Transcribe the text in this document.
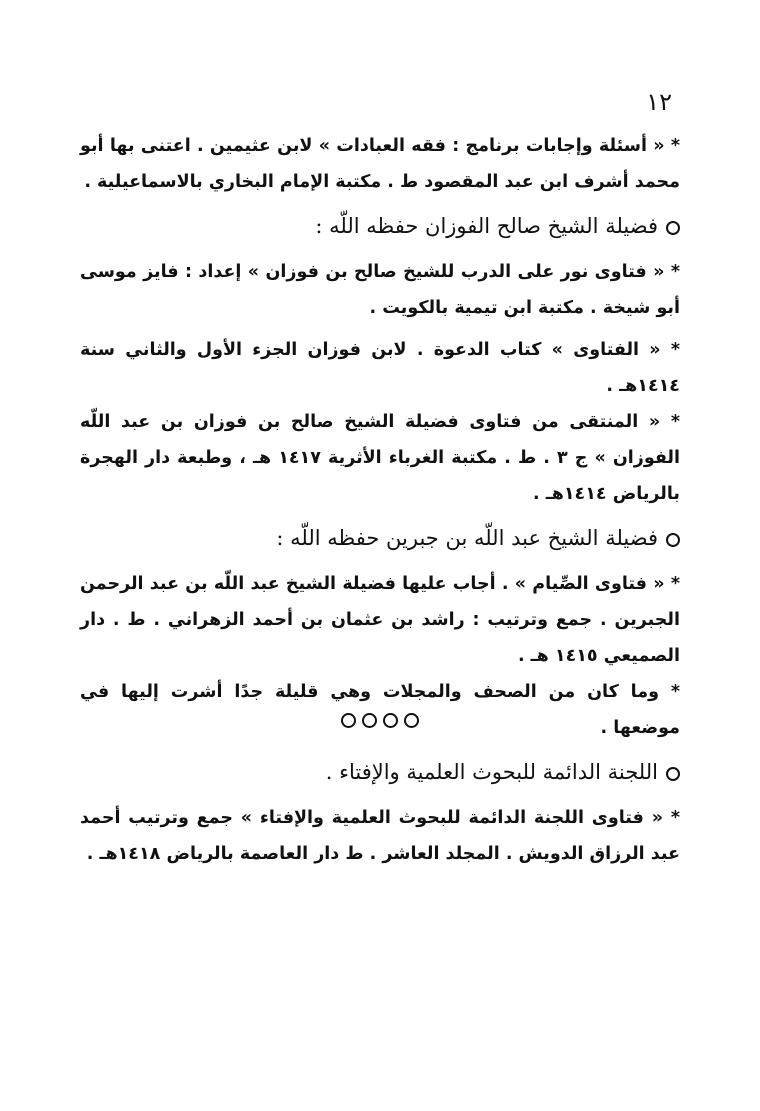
١٢

* « أسئلة وإجابات برنامج : فقه العبادات » لابن عثيمين . اعتنى بها أبو محمد أشرف ابن عبد المقصود ط . مكتبة الإمام البخاري بالاسماعيلية .

فضيلة الشيخ صالح الفوزان حفظه اللّه :

* « فتاوى نور على الدرب للشيخ صالح بن فوزان » إعداد : فايز موسى أبو شيخة . مكتبة ابن تيمية بالكويت .

* « الفتاوى » كتاب الدعوة . لابن فوزان الجزء الأول والثاني سنة ١٤١٤هـ .

* « المنتقى من فتاوى فضيلة الشيخ صالح بن فوزان بن عبد اللّه الفوزان » ج ٣ . ط . مكتبة الغرباء الأثرية ١٤١٧ هـ ، وطبعة دار الهجرة بالرياض ١٤١٤هـ .

فضيلة الشيخ عبد اللّه بن جبرين حفظه اللّه :

* « فتاوى الصِّيام » . أجاب عليها فضيلة الشيخ عبد اللّه بن عبد الرحمن الجبرين . جمع وترتيب : راشد بن عثمان بن أحمد الزهراني . ط . دار الصميعي ١٤١٥ هـ .

* وما كان من الصحف والمجلات وهي قليلة جدًا أشرت إليها في موضعها .

اللجنة الدائمة للبحوث العلمية والإفتاء .

* « فتاوى اللجنة الدائمة للبحوث العلمية والإفتاء » جمع وترتيب أحمد عبد الرزاق الدويش . المجلد العاشر . ط دار العاصمة بالرياض ١٤١٨هـ .
